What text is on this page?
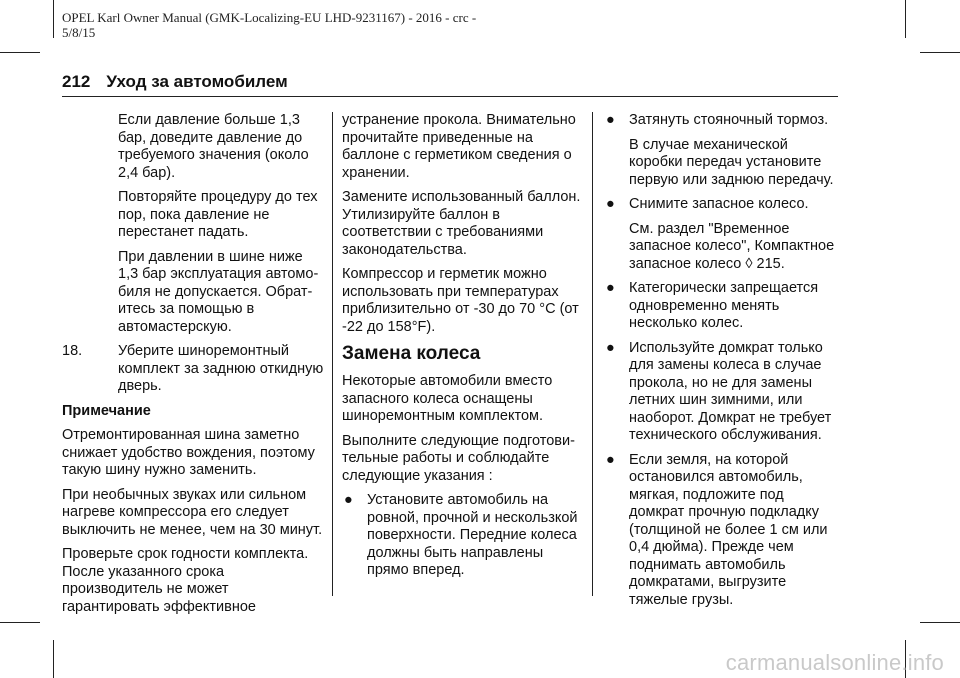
OPEL Karl Owner Manual (GMK-Localizing-EU LHD-9231167) - 2016 - crc -
5/8/15
212 Уход за автомобилем

Если давление больше 1,3 бар, доведите давление до требуемого значения (около 2,4 бар).

Повторяйте процедуру до тех пор, пока давление не перестанет падать.

При давлении в шине ниже 1,3 бар эксплуатация автомо-биля не допускается. Обрат-итесь за помощью в автомастерскую.

18. Уберите шиноремонтный комплект за заднюю откидную дверь.

Примечание

Отремонтированная шина заметно снижает удобство вождения, поэтому такую шину нужно заменить.

При необычных звуках или сильном нагреве компрессора его следует выключить не менее, чем на 30 минут.

Проверьте срок годности комплекта. После указанного срока производитель не может гарантировать эффективное

устранение прокола. Внимательно прочитайте приведенные на баллоне с герметиком сведения о хранении.

Замените использованный баллон. Утилизируйте баллон в соответствии с требованиями законодательства.

Компрессор и герметик можно использовать при температурах приблизительно от -30 до 70 °C (от -22 до 158°F).

Замена колеса

Некоторые автомобили вместо запасного колеса оснащены шиноремонтным комплектом.

Выполните следующие подготови-тельные работы и соблюдайте следующие указания :

● Установите автомобиль на ровной, прочной и нескользкой поверхности. Передние колеса должны быть направлены прямо вперед.
● Затянуть стояночный тормоз.

В случае механической коробки передач установите первую или заднюю передачу.

● Снимите запасное колесо.

См. раздел "Временное запасное колесо", Компактное запасное колесо ◊ 215.

● Категорически запрещается одновременно менять несколько колес.
● Используйте домкрат только для замены колеса в случае прокола, но не для замены летних шин зимними, или наоборот. Домкрат не требует технического обслуживания.
● Если земля, на которой остановился автомобиль, мягкая, подложите под домкрат прочную подкладку (толщиной не более 1 см или 0,4 дюйма). Прежде чем поднимать автомобиль домкратами, выгрузите тяжелые грузы.
carmanualsonline.info
